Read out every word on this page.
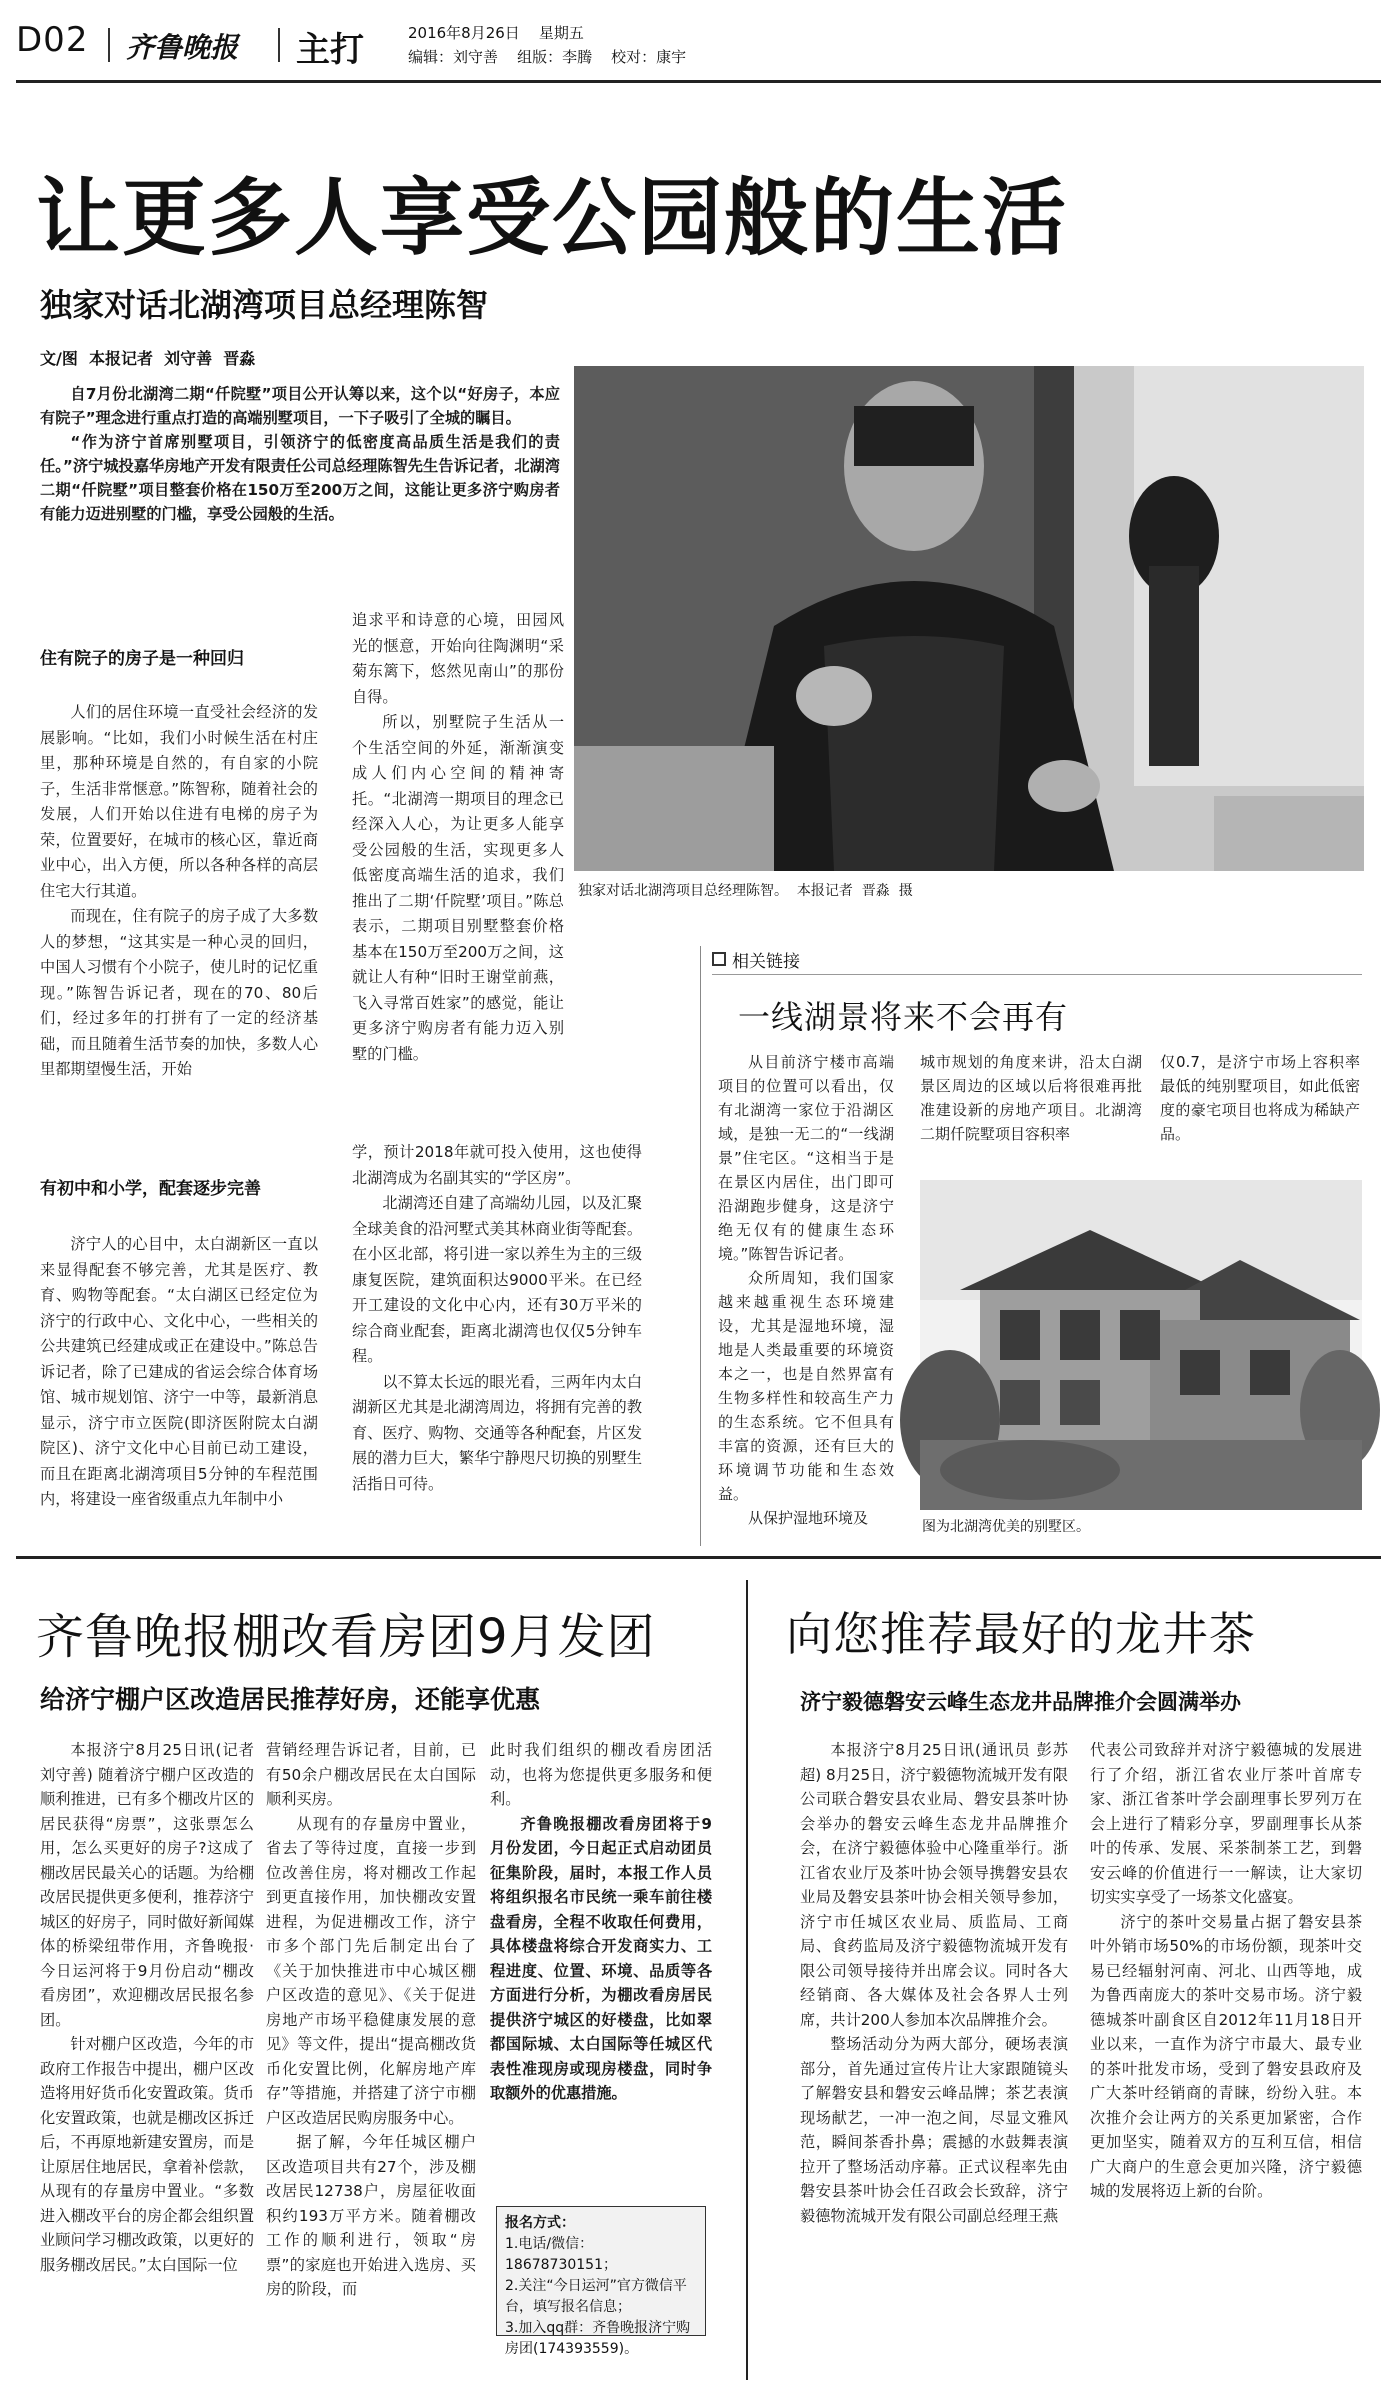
D02 齐鲁晚报 主打	2016年8月26日    星期五
编辑：刘守善    组版：李腾    校对：康宇
让更多人享受公园般的生活
独家对话北湖湾项目总经理陈智
文/图  本报记者  刘守善  晋淼

自7月份北湖湾二期“仟院墅”项目公开认筹以来，这个以“好房子，本应有院子”理念进行重点打造的高端别墅项目，一下子吸引了全城的瞩目。

“作为济宁首席别墅项目，引领济宁的低密度高品质生活是我们的责任。”济宁城投嘉华房地产开发有限责任公司总经理陈智先生告诉记者，北湖湾二期“仟院墅”项目整套价格在150万至200万之间，这能让更多济宁购房者有能力迈进别墅的门槛，享受公园般的生活。

独家对话北湖湾项目总经理陈智。  本报记者  晋淼  摄
住有院子的房子是一种回归

人们的居住环境一直受社会经济的发展影响。“比如，我们小时候生活在村庄里，那种环境是自然的，有自家的小院子，生活非常惬意。”陈智称，随着社会的发展，人们开始以住进有电梯的房子为荣，位置要好，在城市的核心区，靠近商业中心，出入方便，所以各种各样的高层住宅大行其道。

而现在，住有院子的房子成了大多数人的梦想，“这其实是一种心灵的回归，中国人习惯有个小院子，使儿时的记忆重现。”陈智告诉记者，现在的70、80后们，经过多年的打拼有了一定的经济基础，而且随着生活节奏的加快，多数人心里都期望慢生活，开始

追求平和诗意的心境，田园风光的惬意，开始向往陶渊明“采菊东篱下，悠然见南山”的那份自得。

所以，别墅院子生活从一个生活空间的外延，渐渐演变成人们内心空间的精神寄托。“北湖湾一期项目的理念已经深入人心，为让更多人能享受公园般的生活，实现更多人低密度高端生活的追求，我们推出了二期‘仟院墅’项目。”陈总表示，二期项目别墅整套价格基本在150万至200万之间，这就让人有种“旧时王谢堂前燕，飞入寻常百姓家”的感觉，能让更多济宁购房者有能力迈入别墅的门槛。

有初中和小学，配套逐步完善

济宁人的心目中，太白湖新区一直以来显得配套不够完善，尤其是医疗、教育、购物等配套。“太白湖区已经定位为济宁的行政中心、文化中心，一些相关的公共建筑已经建成或正在建设中。”陈总告诉记者，除了已建成的省运会综合体育场馆、城市规划馆、济宁一中等，最新消息显示，济宁市立医院(即济医附院太白湖院区)、济宁文化中心目前已动工建设，而且在距离北湖湾项目5分钟的车程范围内，将建设一座省级重点九年制中小

学，预计2018年就可投入使用，这也使得北湖湾成为名副其实的“学区房”。

北湖湾还自建了高端幼儿园，以及汇聚全球美食的沿河墅式美其林商业街等配套。在小区北部，将引进一家以养生为主的三级康复医院，建筑面积达9000平米。在已经开工建设的文化中心内，还有30万平米的综合商业配套，距离北湖湾也仅仅5分钟车程。

以不算太长远的眼光看，三两年内太白湖新区尤其是北湖湾周边，将拥有完善的教育、医疗、购物、交通等各种配套，片区发展的潜力巨大，繁华宁静咫尺切换的别墅生活指日可待。

相关链接
一线湖景将来不会再有

从目前济宁楼市高端项目的位置可以看出，仅有北湖湾一家位于沿湖区域，是独一无二的“一线湖景”住宅区。“这相当于是在景区内居住，出门即可沿湖跑步健身，这是济宁绝无仅有的健康生态环境。”陈智告诉记者。

众所周知，我们国家越来越重视生态环境建设，尤其是湿地环境，湿地是人类最重要的环境资本之一，也是自然界富有生物多样性和较高生产力的生态系统。它不但具有丰富的资源，还有巨大的环境调节功能和生态效益。

从保护湿地环境及

城市规划的角度来讲，沿太白湖景区周边的区域以后将很难再批准建设新的房地产项目。北湖湾二期仟院墅项目容积率

仅0.7，是济宁市场上容积率最低的纯别墅项目，如此低密度的豪宅项目也将成为稀缺产品。

图为北湖湾优美的别墅区。
齐鲁晚报棚改看房团9月发团
给济宁棚户区改造居民推荐好房，还能享优惠

本报济宁8月25日讯(记者 刘守善) 随着济宁棚户区改造的顺利推进，已有多个棚改片区的居民获得“房票”，这张票怎么用，怎么买更好的房子?这成了棚改居民最关心的话题。为给棚改居民提供更多便利，推荐济宁城区的好房子，同时做好新闻媒体的桥梁纽带作用，齐鲁晚报·今日运河将于9月份启动“棚改看房团”，欢迎棚改居民报名参团。

针对棚户区改造，今年的市政府工作报告中提出，棚户区改造将用好货币化安置政策。货币化安置政策，也就是棚改区拆迁后，不再原地新建安置房，而是让原居住地居民，拿着补偿款，从现有的存量房中置业。“多数进入棚改平台的房企都会组织置业顾问学习棚改政策，以更好的服务棚改居民。”太白国际一位

营销经理告诉记者，目前，已有50余户棚改居民在太白国际顺利买房。

从现有的存量房中置业，省去了等待过度，直接一步到位改善住房，将对棚改工作起到更直接作用，加快棚改安置进程，为促进棚改工作，济宁市多个部门先后制定出台了《关于加快推进市中心城区棚户区改造的意见》、《关于促进房地产市场平稳健康发展的意见》等文件，提出“提高棚改货币化安置比例，化解房地产库存”等措施，并搭建了济宁市棚户区改造居民购房服务中心。

据了解，今年任城区棚户区改造项目共有27个，涉及棚改居民12738户，房屋征收面积约193万平方米。随着棚改工作的顺利进行，领取“房票”的家庭也开始进入选房、买房的阶段，而

此时我们组织的棚改看房团活动，也将为您提供更多服务和便利。

齐鲁晚报棚改看房团将于9月份发团，今日起正式启动团员征集阶段，届时，本报工作人员将组织报名市民统一乘车前往楼盘看房，全程不收取任何费用，具体楼盘将综合开发商实力、工程进度、位置、环境、品质等各方面进行分析，为棚改看房居民提供济宁城区的好楼盘，比如翠都国际城、太白国际等任城区代表性准现房或现房楼盘，同时争取额外的优惠措施。

报名方式：
1.电话/微信：18678730151；
2.关注“今日运河”官方微信平台，填写报名信息；
3.加入qq群：齐鲁晚报济宁购房团(174393559)。
向您推荐最好的龙井茶
济宁毅德磐安云峰生态龙井品牌推介会圆满举办

本报济宁8月25日讯(通讯员 彭苏超) 8月25日，济宁毅德物流城开发有限公司联合磐安县农业局、磐安县茶叶协会举办的磐安云峰生态龙井品牌推介会，在济宁毅德体验中心隆重举行。浙江省农业厅及茶叶协会领导携磐安县农业局及磐安县茶叶协会相关领导参加，济宁市任城区农业局、质监局、工商局、食药监局及济宁毅德物流城开发有限公司领导接待并出席会议。同时各大经销商、各大媒体及社会各界人士列席，共计200人参加本次品牌推介会。

整场活动分为两大部分，硬场表演部分，首先通过宣传片让大家跟随镜头了解磐安县和磐安云峰品牌；茶艺表演现场献艺，一冲一泡之间，尽显文雅风范，瞬间茶香扑鼻；震撼的水鼓舞表演拉开了整场活动序幕。正式议程率先由磐安县茶叶协会任召政会长致辞，济宁毅德物流城开发有限公司副总经理王燕

代表公司致辞并对济宁毅德城的发展进行了介绍，浙江省农业厅茶叶首席专家、浙江省茶叶学会副理事长罗列万在会上进行了精彩分享，罗副理事长从茶叶的传承、发展、采茶制茶工艺，到磐安云峰的价值进行一一解读，让大家切切实实享受了一场茶文化盛宴。

济宁的茶叶交易量占据了磐安县茶叶外销市场50%的市场份额，现茶叶交易已经辐射河南、河北、山西等地，成为鲁西南庞大的茶叶交易市场。济宁毅德城茶叶副食区自2012年11月18日开业以来，一直作为济宁市最大、最专业的茶叶批发市场，受到了磐安县政府及广大茶叶经销商的青睐，纷纷入驻。本次推介会让两方的关系更加紧密，合作更加坚实，随着双方的互利互信，相信广大商户的生意会更加兴隆，济宁毅德城的发展将迈上新的台阶。
